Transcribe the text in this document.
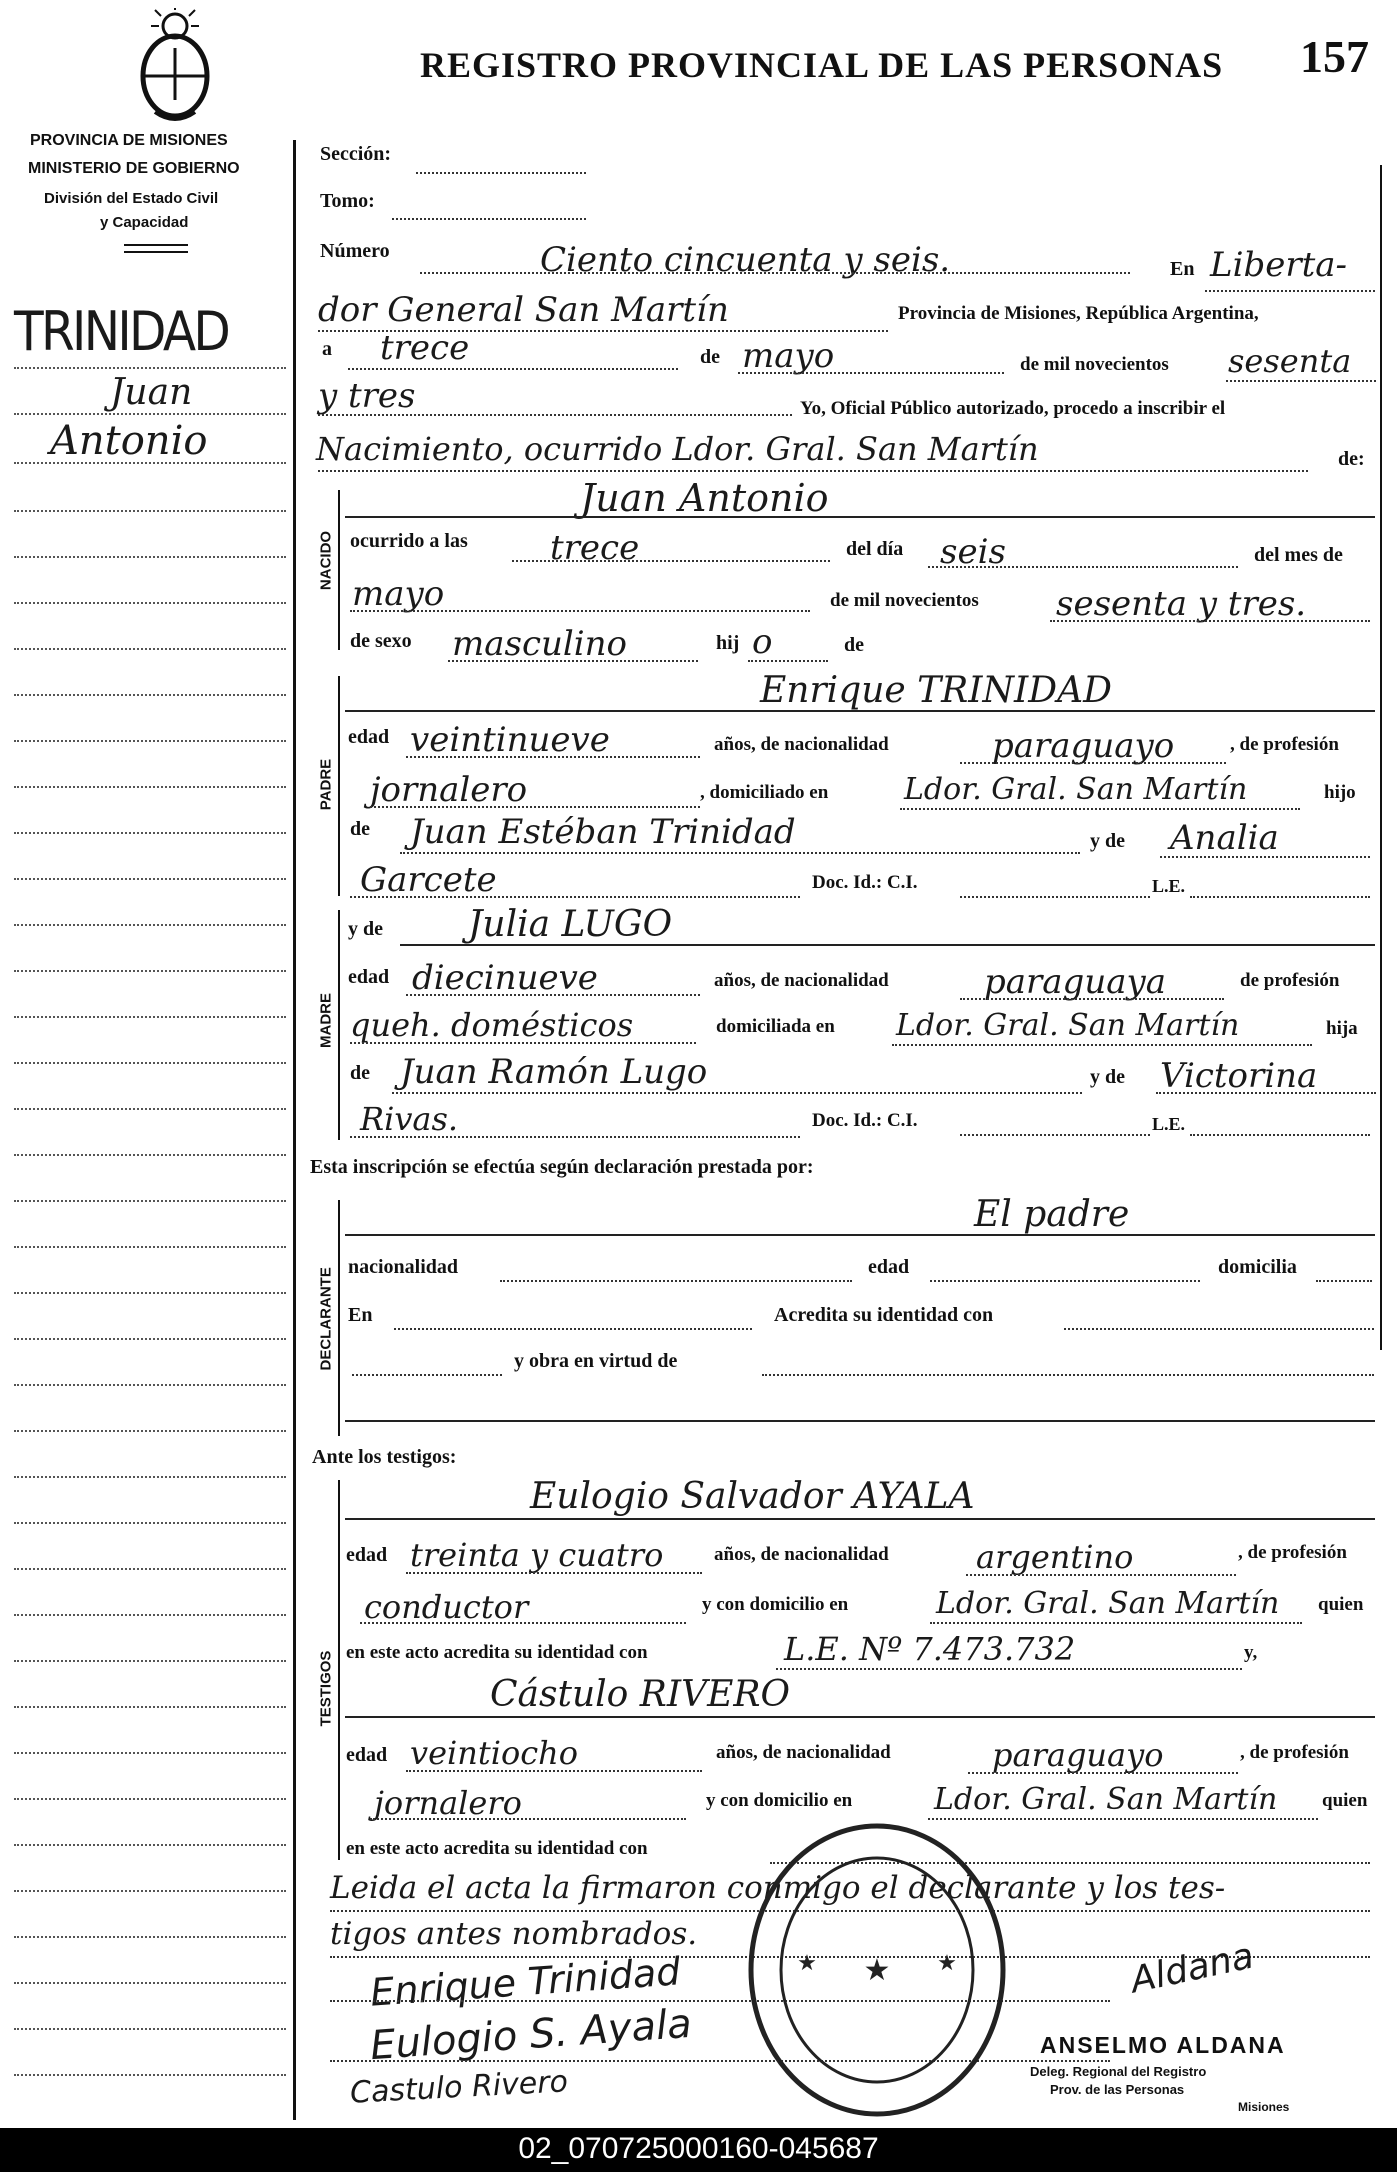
REGISTRO PROVINCIAL DE LAS PERSONAS 157
PROVINCIA DE MISIONES
MINISTERIO DE GOBIERNO
División del Estado Civil
y Capacidad
TRINIDAD
Juan
Antonio
Sección:
Tomo:
Número	Ciento cincuenta y seis.	En Liberta-
dor General San Martín	Provincia de Misiones, República Argentina,
a trece	de mayo	de mil novecientos sesenta
y tres	Yo, Oficial Público autorizado, procedo a inscribir el
Nacimiento, ocurrido Ldor. Gral. San Martín	de:
NACIDO
Juan Antonio
ocurrido a las trece	del día seis	del mes de
mayo	de mil novecientos sesenta y tres.
de sexo masculino	hij o	de
PADRE
Enrique TRINIDAD
edad veintinueve	años, de nacionalidad	paraguayo	, de profesión
jornalero	, domiciliado en	Ldor. Gral. San Martín	hijo
de Juan Estéban Trinidad	y de Analia
Garcete	Doc. Id.: C.I.	L.E.
MADRE
y de Julia LUGO
edad diecinueve	años, de nacionalidad	paraguaya	de profesión
queh. domésticos	domiciliada en Ldor. Gral. San Martín	hija
de Juan Ramón Lugo	y de Victorina
Rivas.	Doc. Id.: C.I.	L.E.
Esta inscripción se efectúa según declaración prestada por:
DECLARANTE
El padre
nacionalidad	edad	domicilia
En	Acredita su identidad con
y obra en virtud de
Ante los testigos:
TESTIGOS
Eulogio Salvador AYALA
edad treinta y cuatro	años, de nacionalidad	argentino	, de profesión
conductor	y con domicilio en	Ldor. Gral. San Martín quien
en este acto acredita su identidad con	L.E. Nº 7.473.732	y,
Cástulo RIVERO
edad veintiocho	años, de nacionalidad	paraguayo	, de profesión
jornalero	y con domicilio en	Ldor. Gral. San Martín quien
en este acto acredita su identidad con
Leida el acta la firmaron conmigo el declarante y los tes-
tigos antes nombrados.
Enrique Trinidad
Eulogio S. Ayala
Castulo Rivero
Aldana
★
★	★
ANSELMO ALDANA
Deleg. Regional del Registro
Prov. de las Personas
Misiones
02_070725000160-045687
